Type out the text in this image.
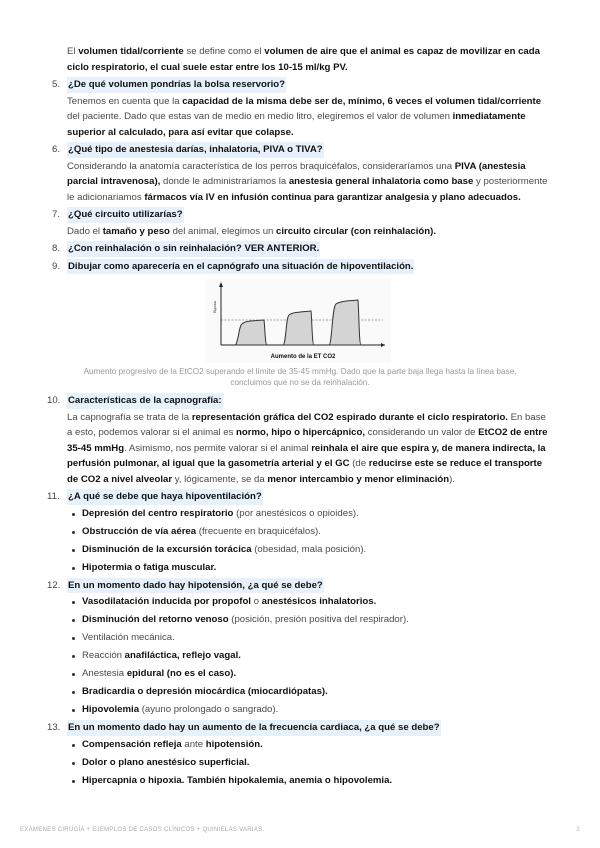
El volumen tidal/corriente se define como el volumen de aire que el animal es capaz de movilizar en cada ciclo respiratorio, el cual suele estar entre los 10-15 ml/kg PV.

5. ¿De qué volumen pondrías la bolsa reservorio?

Tenemos en cuenta que la capacidad de la misma debe ser de, mínimo, 6 veces el volumen tidal/corriente del paciente. Dado que estas van de medio en medio litro, elegiremos el valor de volumen inmediatamente superior al calculado, para así evitar que colapse.

6. ¿Qué tipo de anestesia darías, inhalatoria, PIVA o TIVA?

Considerando la anatomía característica de los perros braquicéfalos, consideraríamos una PIVA (anestesia parcial intravenosa), donde le administraríamos la anestesia general inhalatoria como base y posteriormente le adicionariamos fármacos vía IV en infusión continua para garantizar analgesia y plano adecuados.

7. ¿Qué circuito utilizarías?

Dado el tamaño y peso del animal, elegimos un circuito circular (con reinhalación).

8. ¿Con reinhalación o sin reinhalación? VER ANTERIOR.
9. Dibujar como aparecería en el capnógrafo una situación de hipoventilación.
mmHg
Aumento de la ET CO2
Aumento progresivo de la EtCO2 superando el límite de 35-45 mmHg. Dado que la parte baja llega hasta la línea base, concluimos que no se da reinhalación.
10. Características de la capnografía:

La capnografía se trata de la representación gráfica del CO2 espirado durante el ciclo respiratorio. En base a esto, podemos valorar si el animal es normo, hipo o hipercápnico, considerando un valor de EtCO2 de entre 35-45 mmHg. Asimismo, nos permite valorar si el animal reinhala el aire que espira y, de manera indirecta, la perfusión pulmonar, al igual que la gasometría arterial y el GC (de reducirse este se reduce el transporte de CO2 a nivel alveolar y, lógicamente, se da menor intercambio y menor eliminación).

11. ¿A qué se debe que haya hipoventilación?
Depresión del centro respiratorio (por anestésicos o opioides).
Obstrucción de vía aérea (frecuente en braquicéfalos).
Disminución de la excursión torácica (obesidad, mala posición).
Hipotermia o fatiga muscular.
12. En un momento dado hay hipotensión, ¿a qué se debe?
Vasodilatación inducida por propofol o anestésicos inhalatorios.
Disminución del retorno venoso (posición, presión positiva del respirador).
Ventilación mecánica.
Reacción anafiláctica, reflejo vagal.
Anestesia epidural (no es el caso).
Bradicardia o depresión miocárdica (miocardiópatas).
Hipovolemia (ayuno prolongado o sangrado).
13. En un momento dado hay un aumento de la frecuencia cardiaca, ¿a qué se debe?
Compensación refleja ante hipotensión.
Dolor o plano anestésico superficial.
Hipercapnia o hipoxia. También hipokalemia, anemia o hipovolemia.
EXÁMENES CIRUGÍA + EJEMPLOS DE CASOS CLÍNICOS + QUINIELAS VARIAS.	2
